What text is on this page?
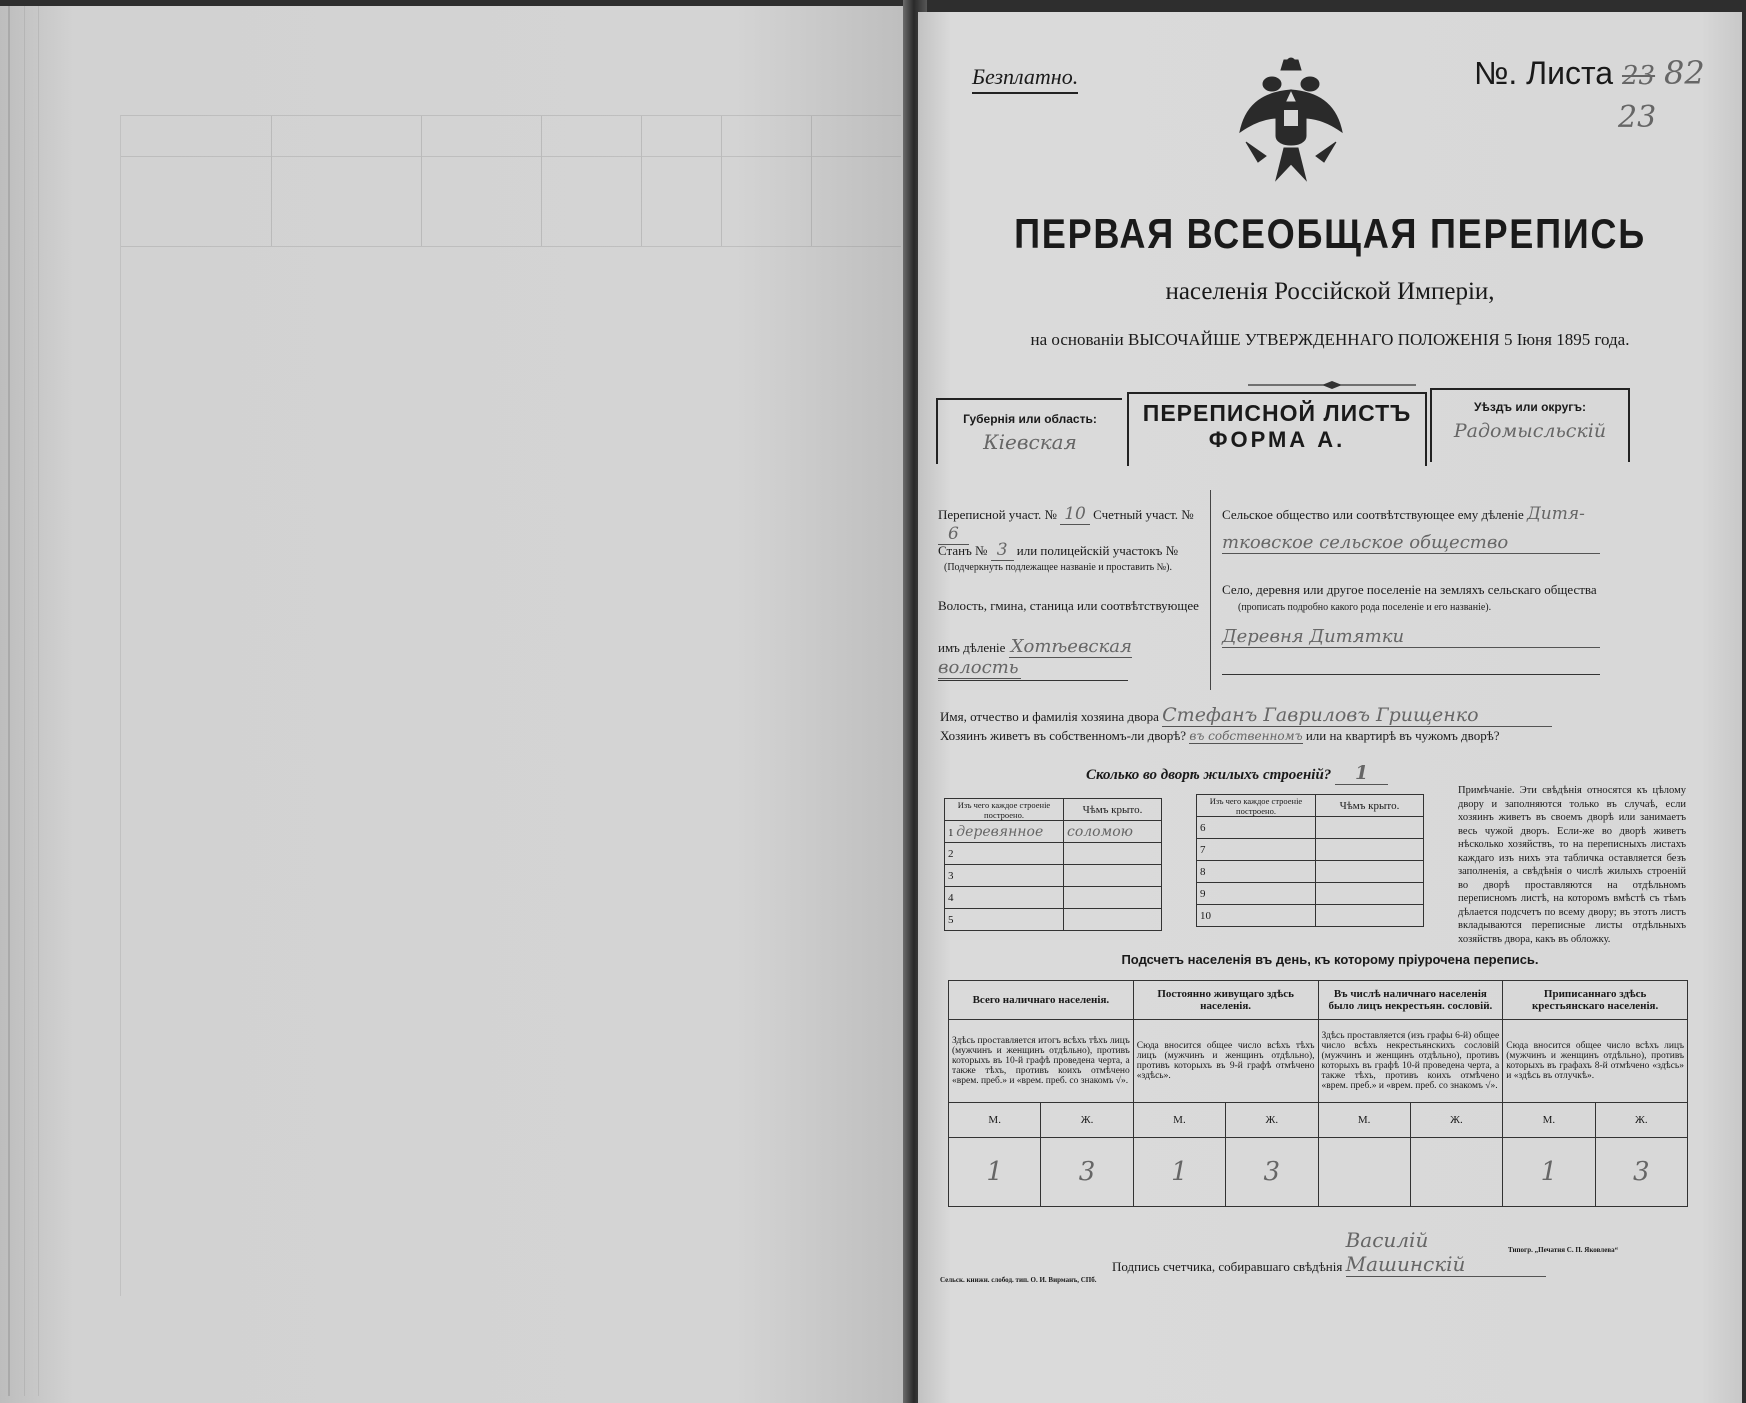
Безплатно.	№. Листа 23 82
23
ПЕРВАЯ ВСЕОБЩАЯ ПЕРЕПИСЬ
населенія Россійской Имперіи,
на основаніи ВЫСОЧАЙШЕ УТВЕРЖДЕННАГО ПОЛОЖЕНІЯ 5 Іюня 1895 года.
Губернія или область:
Кіевская
ПЕРЕПИСНОЙ ЛИСТЪ
ФОРМА А.
Уѣздъ или округъ:
Радомысльскій
Переписной участ. № 10 Счетный участ. № 6
Станъ № 3 или полицейскій участокъ №
(Подчеркнуть подлежащее названіе и проставить №).
Волость, гмина, станица или соотвѣтствующее
имъ дѣленіе Хотѣевская волость
Сельское общество или соотвѣтствующее ему дѣленіе Дитя-
тковское сельское общество
Село, деревня или другое поселеніе на земляхъ сельскаго общества
(прописать подробно какого рода поселеніе и его названіе).
Деревня Дитятки
Имя, отчество и фамилія хозяина двора Стефанъ Гавриловъ Грищенко
Хозяинъ живетъ въ собственномъ-ли дворѣ? въ собственномъ или на квартирѣ въ чужомъ дворѣ?
Сколько во дворѣ жилыхъ строеній? 1
Изъ чего каждое строеніе построено.	Чѣмъ крыто.
1 деревянное	соломою
2	
3	
4	
5	
Изъ чего каждое строеніе построено.	Чѣмъ крыто.
6	
7	
8	
9	
10	
Примѣчаніе. Эти свѣдѣнія относятся къ цѣлому двору и заполняются только въ случаѣ, если хозяинъ живетъ въ своемъ дворѣ или занимаетъ весь чужой дворъ. Если-же во дворѣ живетъ нѣсколько хозяйствъ, то на переписныхъ листахъ каждаго изъ нихъ эта табличка оставляется безъ заполненія, а свѣдѣнія о числѣ жилыхъ строеній во дворѣ проставляются на отдѣльномъ переписномъ листѣ, на которомъ вмѣстѣ съ тѣмъ дѣлается подсчетъ по всему двору; въ этотъ листъ вкладываются переписные листы отдѣльныхъ хозяйствъ двора, какъ въ обложку.
Подсчетъ населенія въ день, къ которому пріурочена перепись.
Всего наличнаго населенія.		Постоянно живущаго здѣсь населенія.		Въ числѣ наличнаго населенія было лицъ некрестьян. сословій.		Приписаннаго здѣсь крестьянскаго населенія.	
Здѣсь проставляется итогъ всѣхъ тѣхъ лицъ (мужчинъ и женщинъ отдѣльно), противъ которыхъ въ 10-й графѣ проведена черта, а также тѣхъ, противъ коихъ отмѣчено «врем. преб.» и «врем. преб. со знакомъ √».		Сюда вносится общее число всѣхъ тѣхъ лицъ (мужчинъ и женщинъ отдѣльно), противъ которыхъ въ 9-й графѣ отмѣчено «здѣсь».		Здѣсь проставляется (изъ графы 6-й) общее число всѣхъ некрестьянскихъ сословій (мужчинъ и женщинъ отдѣльно), противъ которыхъ въ графѣ 10-й проведена черта, а также тѣхъ, противъ коихъ отмѣчено «врем. преб.» и «врем. преб. со знакомъ √».		Сюда вносится общее число всѣхъ лицъ (мужчинъ и женщинъ отдѣльно), противъ которыхъ въ графахъ 8-й отмѣчено «здѣсь» и «здѣсь въ отлучкѣ».	
М.	Ж.	М.	Ж.	М.	Ж.	М.	Ж.
1	3	1	3			1	3
Подпись счетчика, собиравшаго свѣдѣнія Василій Машинскій
Сельск. книжн. слобод. тип. О. И. Вирманъ, СПб.
Типогр. „Печатня С. П. Яковлева“
